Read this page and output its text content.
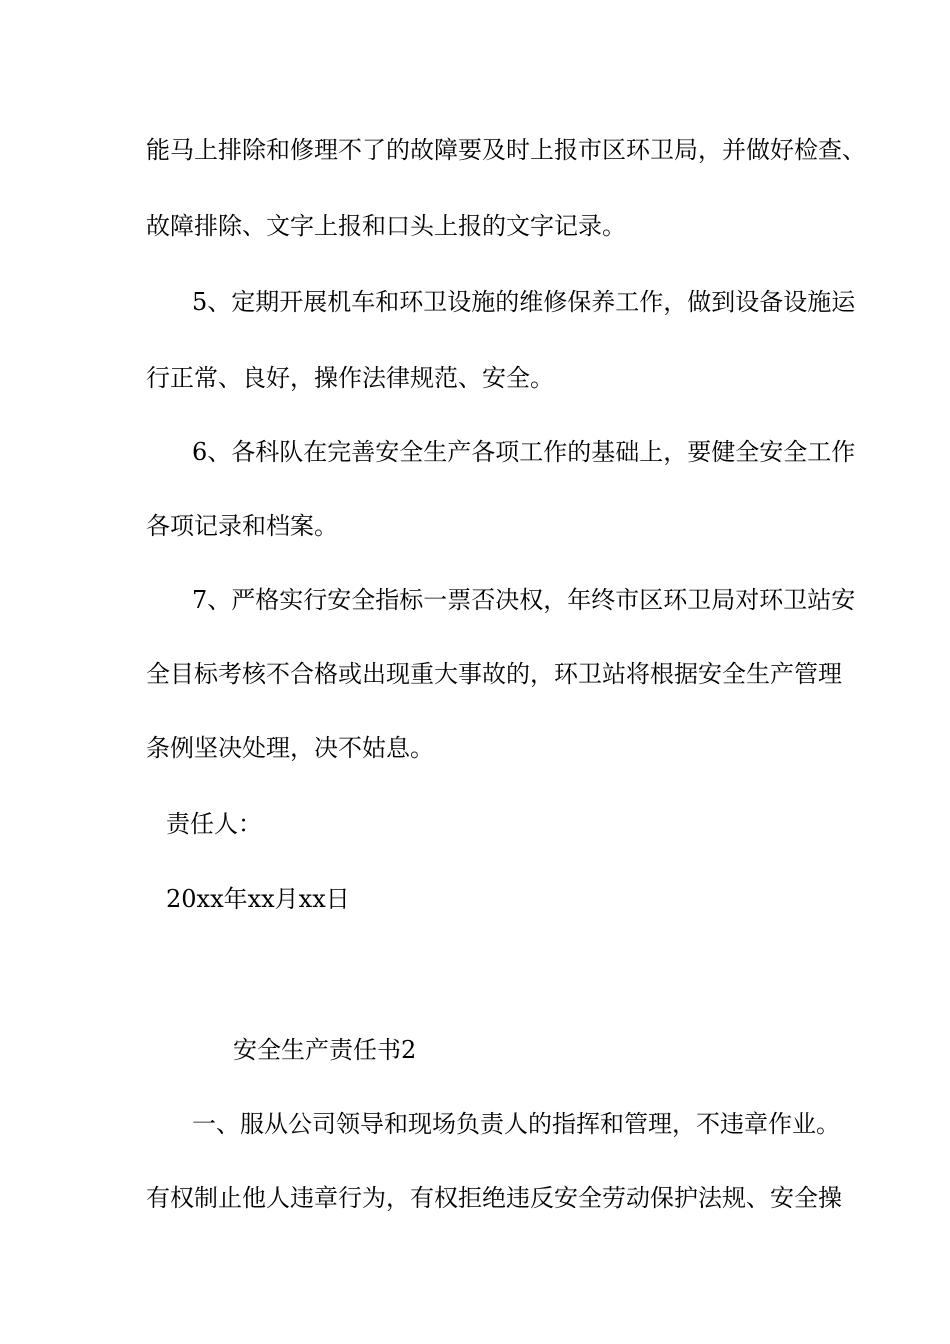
能马上排除和修理不了的故障要及时上报市区环卫局，并做好检查、

故障排除、文字上报和口头上报的文字记录。

5、定期开展机车和环卫设施的维修保养工作，做到设备设施运

行正常、良好，操作法律规范、安全。

6、各科队在完善安全生产各项工作的基础上，要健全安全工作

各项记录和档案。

7、严格实行安全指标一票否决权，年终市区环卫局对环卫站安

全目标考核不合格或出现重大事故的，环卫站将根据安全生产管理

条例坚决处理，决不姑息。

责任人：

20xx年xx月xx日

安全生产责任书2

一、服从公司领导和现场负责人的指挥和管理，不违章作业。

有权制止他人违章行为，有权拒绝违反安全劳动保护法规、安全操
